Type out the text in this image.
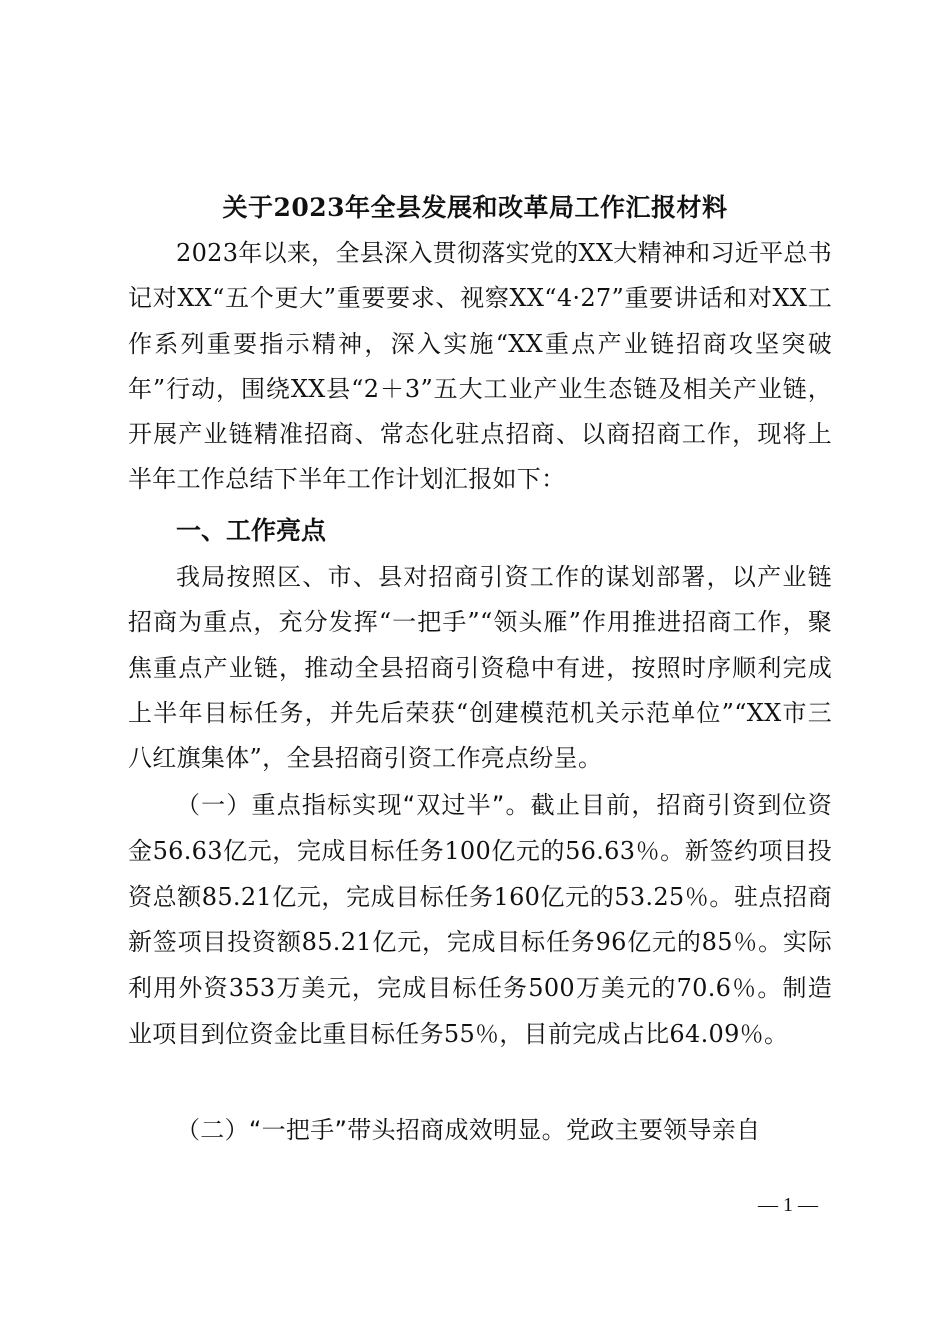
关于2023年全县发展和改革局工作汇报材料

2023年以来，全县深入贯彻落实党的XX大精神和习近平总书记对XX“五个更大”重要要求、视察XX“4·27”重要讲话和对XX工作系列重要指示精神，深入实施“XX重点产业链招商攻坚突破年”行动，围绕XX县“2＋3”五大工业产业生态链及相关产业链，开展产业链精准招商、常态化驻点招商、以商招商工作，现将上半年工作总结下半年工作计划汇报如下：

一、工作亮点

我局按照区、市、县对招商引资工作的谋划部署，以产业链招商为重点，充分发挥“一把手”“领头雁”作用推进招商工作，聚焦重点产业链，推动全县招商引资稳中有进，按照时序顺利完成上半年目标任务，并先后荣获“创建模范机关示范单位”“XX市三八红旗集体”，全县招商引资工作亮点纷呈。

（一）重点指标实现“双过半”。截止目前，招商引资到位资金56.63亿元，完成目标任务100亿元的56.63％。新签约项目投资总额85.21亿元，完成目标任务160亿元的53.25％。驻点招商新签项目投资额85.21亿元，完成目标任务96亿元的85％。实际利用外资353万美元，完成目标任务500万美元的70.6％。制造业项目到位资金比重目标任务55％，目前完成占比64.09％。

（二）“一把手”带头招商成效明显。党政主要领导亲自

— 1 —
